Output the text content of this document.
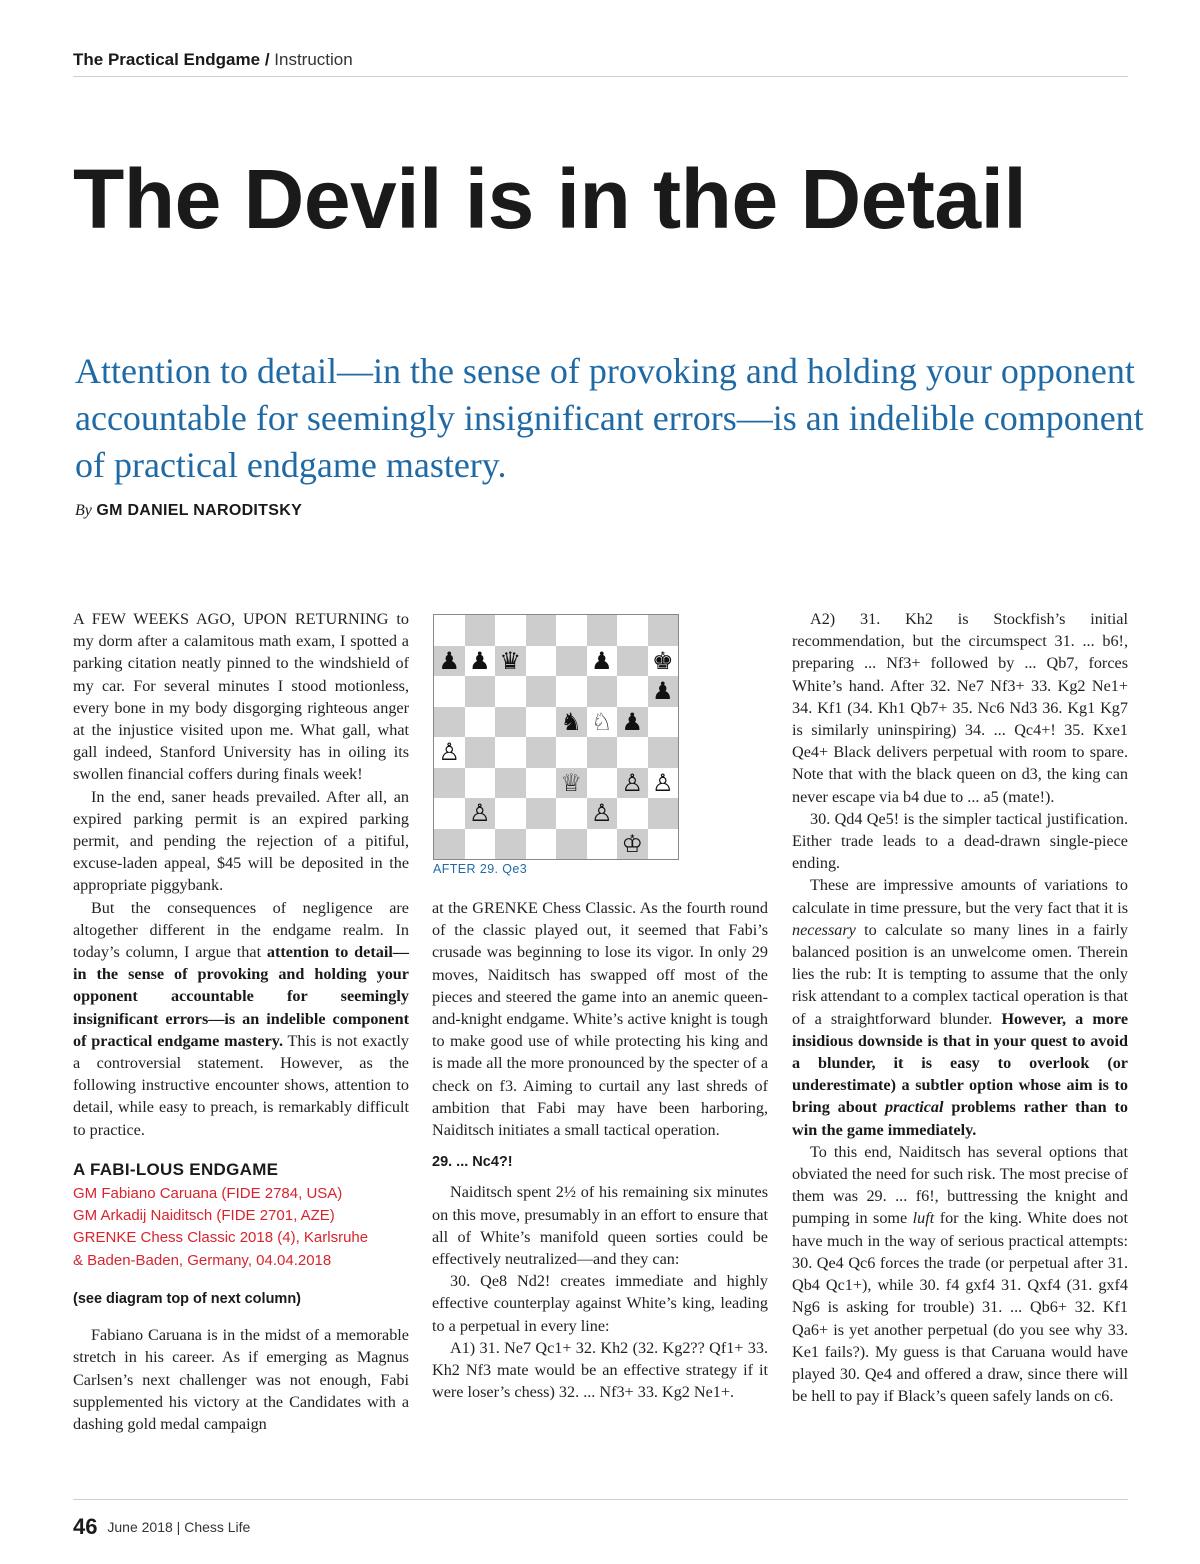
The Practical Endgame / Instruction
The Devil is in the Detail

Attention to detail—in the sense of provoking and holding your opponent accountable for seemingly insignificant errors—is an indelible component of practical endgame mastery.

By GM DANIEL NARODITSKY

A FEW WEEKS AGO, UPON RETURNING to my dorm after a calamitous math exam, I spotted a parking citation neatly pinned to the windshield of my car. For several minutes I stood motionless, every bone in my body disgorging righteous anger at the injustice visited upon me. What gall, what gall indeed, Stanford University has in oiling its swollen financial coffers during finals week!

In the end, saner heads prevailed. After all, an expired parking permit is an expired parking permit, and pending the rejection of a pitiful, excuse-laden appeal, $45 will be deposited in the appropriate piggybank.

But the consequences of negligence are altogether different in the endgame realm. In today’s column, I argue that attention to detail—in the sense of provoking and holding your opponent accountable for seemingly insignificant errors—is an indelible component of practical endgame mastery. This is not exactly a controversial statement. However, as the following instructive encounter shows, attention to detail, while easy to preach, is remarkably difficult to practice.

A FABI-LOUS ENDGAME
GM Fabiano Caruana (FIDE 2784, USA)
GM Arkadij Naiditsch (FIDE 2701, AZE)
GRENKE Chess Classic 2018 (4), Karlsruhe
& Baden-Baden, Germany, 04.04.2018
(see diagram top of next column)

Fabiano Caruana is in the midst of a memorable stretch in his career. As if emerging as Magnus Carlsen’s next challenger was not enough, Fabi supplemented his victory at the Candidates with a dashing gold medal campaign

♟ ♟ ♛	♟ ♚
♟
♞ ♘ ♟
♙
♕ ♙ ♙
♙	♙
♔
AFTER 29. Qe3

at the GRENKE Chess Classic. As the fourth round of the classic played out, it seemed that Fabi’s crusade was beginning to lose its vigor. In only 29 moves, Naiditsch has swapped off most of the pieces and steered the game into an anemic queen-and-knight endgame. White’s active knight is tough to make good use of while protecting his king and is made all the more pronounced by the specter of a check on f3. Aiming to curtail any last shreds of ambition that Fabi may have been harboring, Naiditsch initiates a small tactical operation.

29. ... Nc4?!

Naiditsch spent 2½ of his remaining six minutes on this move, presumably in an effort to ensure that all of White’s manifold queen sorties could be effectively neutralized—and they can:

30. Qe8 Nd2! creates immediate and highly effective counterplay against White’s king, leading to a perpetual in every line:

A1) 31. Ne7 Qc1+ 32. Kh2 (32. Kg2?? Qf1+ 33. Kh2 Nf3 mate would be an effective strategy if it were loser’s chess) 32. ... Nf3+ 33. Kg2 Ne1+.

A2) 31. Kh2 is Stockfish’s initial recommendation, but the circumspect 31. ... b6!, preparing ... Nf3+ followed by ... Qb7, forces White’s hand. After 32. Ne7 Nf3+ 33. Kg2 Ne1+ 34. Kf1 (34. Kh1 Qb7+ 35. Nc6 Nd3 36. Kg1 Kg7 is similarly uninspiring) 34. ... Qc4+! 35. Kxe1 Qe4+ Black delivers perpetual with room to spare. Note that with the black queen on d3, the king can never escape via b4 due to ... a5 (mate!).

30. Qd4 Qe5! is the simpler tactical justification. Either trade leads to a dead-drawn single-piece ending.

These are impressive amounts of variations to calculate in time pressure, but the very fact that it is necessary to calculate so many lines in a fairly balanced position is an unwelcome omen. Therein lies the rub: It is tempting to assume that the only risk attendant to a complex tactical operation is that of a straightforward blunder. However, a more insidious downside is that in your quest to avoid a blunder, it is easy to overlook (or underestimate) a subtler option whose aim is to bring about practical problems rather than to win the game immediately.

To this end, Naiditsch has several options that obviated the need for such risk. The most precise of them was 29. ... f6!, buttressing the knight and pumping in some luft for the king. White does not have much in the way of serious practical attempts: 30. Qe4 Qc6 forces the trade (or perpetual after 31. Qb4 Qc1+), while 30. f4 gxf4 31. Qxf4 (31. gxf4 Ng6 is asking for trouble) 31. ... Qb6+ 32. Kf1 Qa6+ is yet another perpetual (do you see why 33. Ke1 fails?). My guess is that Caruana would have played 30. Qe4 and offered a draw, since there will be hell to pay if Black’s queen safely lands on c6.

46 June 2018 | Chess Life
